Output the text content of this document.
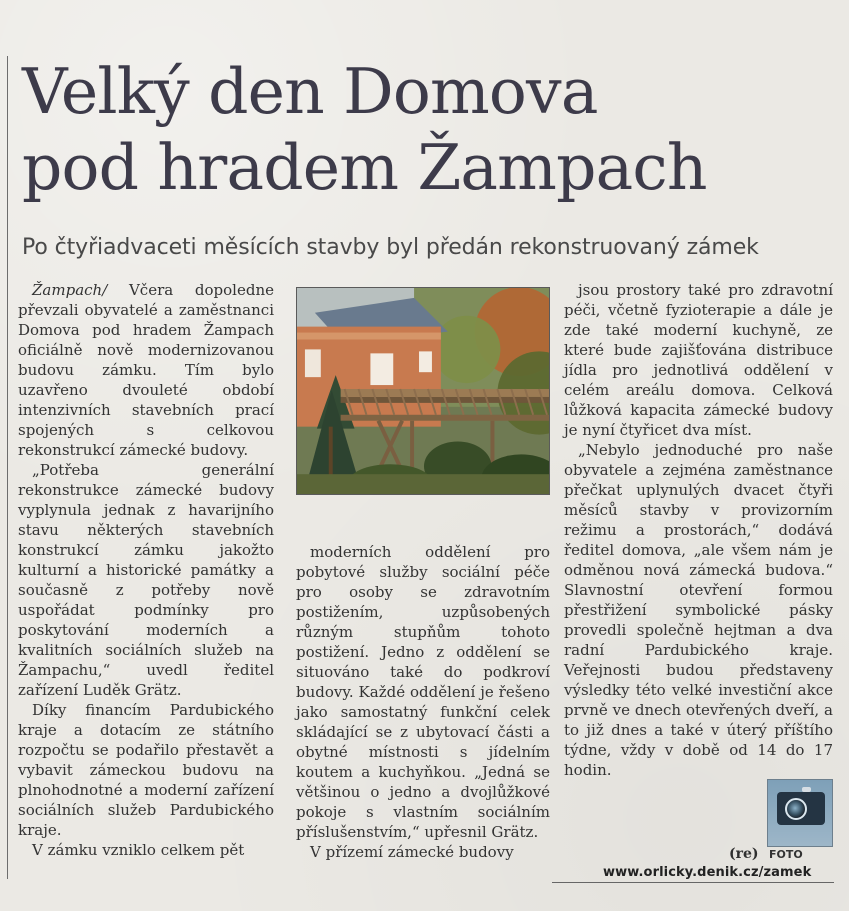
Velký den Domova
pod hradem Žampach
Po čtyřiadvaceti měsících stavby byl předán rekonstruovaný zámek

Žampach/ Včera dopoledne převzali obyvatelé a zaměstnanci Domova pod hradem Žampach oficiálně nově modernizovanou budovu zámku. Tím bylo uzavřeno dvouleté období intenzivních stavebních prací spojených s celkovou rekonstrukcí zámecké budovy.

„Potřeba generální rekonstrukce zámecké budovy vyplynula jednak z havarijního stavu některých stavebních konstrukcí zámku jakožto kulturní a historické památky a současně z potřeby nově uspořádat podmínky pro poskytování moderních a kvalitních sociálních služeb na Žampachu,“ uvedl ředitel zařízení Luděk Grätz.

Díky financím Pardubického kraje a dotacím ze státního rozpočtu se podařilo přestavět a vybavit zámeckou budovu na plnohodnotné a moderní zařízení sociálních služeb Pardubického kraje.

V zámku vzniklo celkem pět

moderních oddělení pro pobytové služby sociální péče pro osoby se zdravotním postižením, uzpůsobených různým stupňům tohoto postižení. Jedno z oddělení se situováno také do podkroví budovy. Každé oddělení je řešeno jako samostatný funkční celek skládající se z ubytovací části a obytné místnosti s jídelním koutem a kuchyňkou. „Jedná se většinou o jedno a dvojlůžkové pokoje s vlastním sociálním příslušenstvím,“ upřesnil Grätz.

V přízemí zámecké budovy

jsou prostory také pro zdravotní péči, včetně fyzioterapie a dále je zde také moderní kuchyně, ze které bude zajišťována distribuce jídla pro jednotlivá oddělení v celém areálu domova. Celková lůžková kapacita zámecké budovy je nyní čtyřicet dva míst.

„Nebylo jednoduché pro naše obyvatele a zejména zaměstnance přečkat uplynulých dvacet čtyři měsíců stavby v provizorním režimu a prostorách,“ dodává ředitel domova, „ale všem nám je odměnou nová zámecká budova.“ Slavnostní otevření formou přestřižení symbolické pásky provedli společně hejtman a dva radní Pardubického kraje. Veřejnosti budou představeny výsledky této velké investiční akce prvně ve dnech otevřených dveří, a to již dnes a také v úterý příštího týdne, vždy v době od 14 do 17 hodin.

(re) FOTO
www.orlicky.denik.cz/zamek
